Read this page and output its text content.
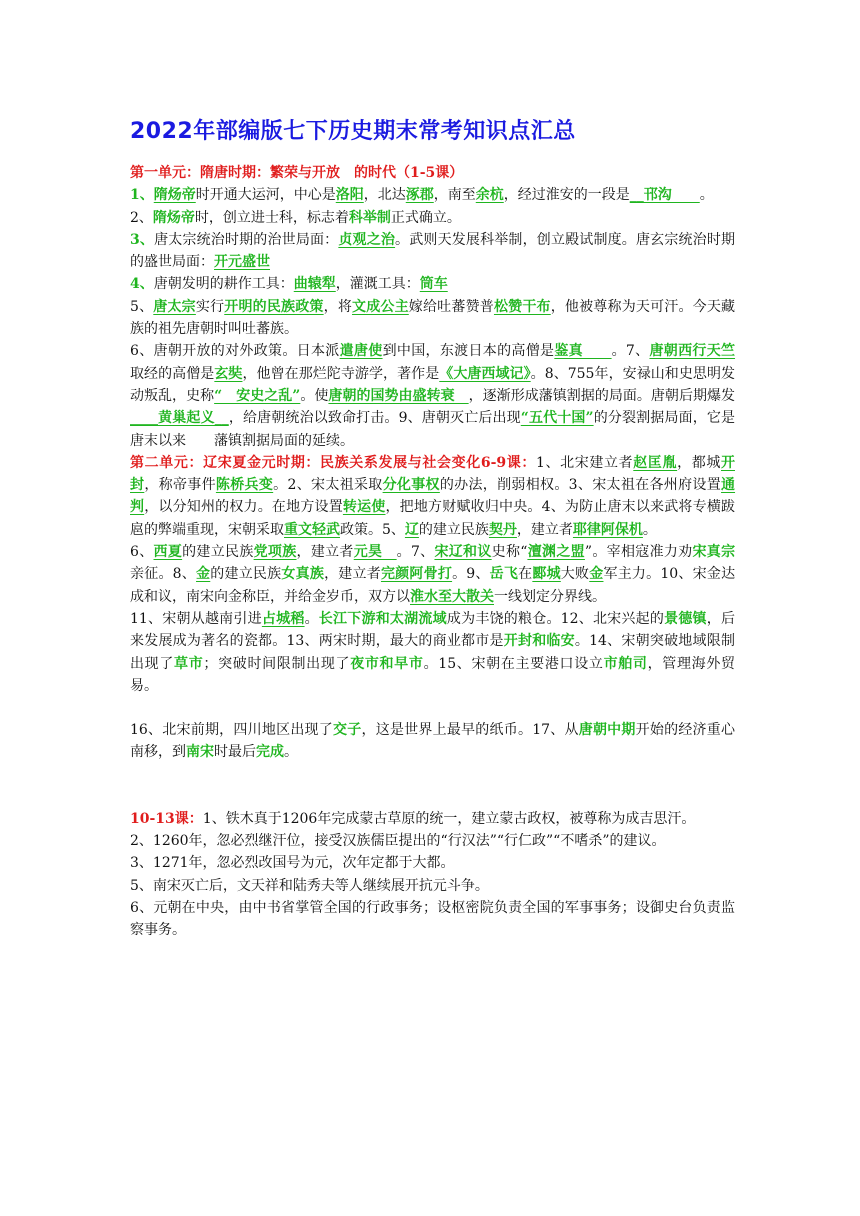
2022年部编版七下历史期末常考知识点汇总

第一单元：隋唐时期：繁荣与开放　的时代（1-5课）

1、隋炀帝时开通大运河，中心是洛阳，北达涿郡，南至余杭，经过淮安的一段是__邗沟　　。

2、隋炀帝时，创立进士科，标志着科举制正式确立。

3、唐太宗统治时期的治世局面：贞观之治。武则天发展科举制，创立殿试制度。唐玄宗统治时期的盛世局面：开元盛世

4、唐朝发明的耕作工具：曲辕犁，灌溉工具：筒车

5、唐太宗实行开明的民族政策，将文成公主嫁给吐蕃赞普松赞干布，他被尊称为天可汗。今天藏族的祖先唐朝时叫吐蕃族。

6、唐朝开放的对外政策。日本派遣唐使到中国，东渡日本的高僧是鉴真　　。7、唐朝西行天竺取经的高僧是玄奘，他曾在那烂陀寺游学，著作是《大唐西域记》。8、755年，安禄山和史思明发动叛乱，史称“　安史之乱”。使唐朝的国势由盛转衰　，逐渐形成藩镇割据的局面。唐朝后期爆发____黄巢起义__，给唐朝统治以致命打击。9、唐朝灭亡后出现“五代十国”的分裂割据局面，它是唐末以来　　藩镇割据局面的延续。

第二单元：辽宋夏金元时期：民族关系发展与社会变化6-9课：1、北宋建立者赵匡胤，都城开封，称帝事件陈桥兵变。2、宋太祖采取分化事权的办法，削弱相权。3、宋太祖在各州府设置通判，以分知州的权力。在地方设置转运使，把地方财赋收归中央。4、为防止唐末以来武将专横跋扈的弊端重现，宋朝采取重文轻武政策。5、辽的建立民族契丹，建立者耶律阿保机。

6、西夏的建立民族党项族，建立者元昊　。7、宋辽和议史称“澶渊之盟”。宰相寇准力劝宋真宗亲征。8、金的建立民族女真族，建立者完颜阿骨打。9、岳飞在郾城大败金军主力。10、宋金达成和议，南宋向金称臣，并给金岁币，双方以淮水至大散关一线划定分界线。

11、宋朝从越南引进占城稻。长江下游和太湖流域成为丰饶的粮仓。12、北宋兴起的景德镇，后来发展成为著名的瓷都。13、两宋时期，最大的商业都市是开封和临安。14、宋朝突破地域限制出现了草市；突破时间限制出现了夜市和早市。15、宋朝在主要港口设立市舶司，管理海外贸易。

16、北宋前期，四川地区出现了交子，这是世界上最早的纸币。17、从唐朝中期开始的经济重心南移，到南宋时最后完成。

10-13课：1、铁木真于1206年完成蒙古草原的统一，建立蒙古政权，被尊称为成吉思汗。

2、1260年，忽必烈继汗位，接受汉族儒臣提出的“行汉法”“行仁政”“不嗜杀”的建议。

3、1271年，忽必烈改国号为元，次年定都于大都。

5、南宋灭亡后，文天祥和陆秀夫等人继续展开抗元斗争。

6、元朝在中央，由中书省掌管全国的行政事务；设枢密院负责全国的军事事务；设御史台负责监察事务。
